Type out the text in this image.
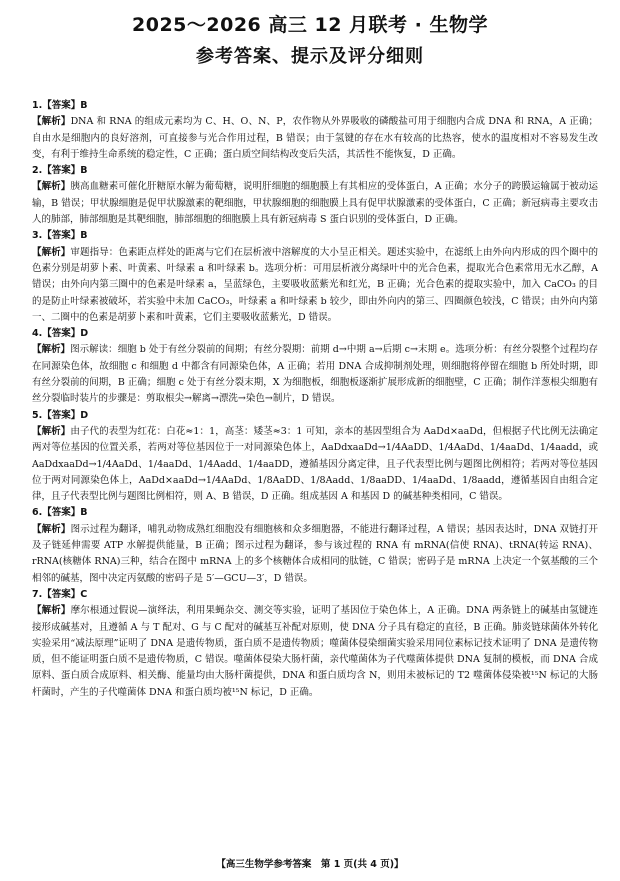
2025～2026 高三 12 月联考 · 生物学
参考答案、提示及评分细则

1.【答案】B

【解析】DNA 和 RNA 的组成元素均为 C、H、O、N、P，农作物从外界吸收的磷酸盐可用于细胞内合成 DNA 和 RNA，A 正确；自由水是细胞内的良好溶剂，可直接参与光合作用过程，B 错误；由于氢键的存在水有较高的比热容，使水的温度相对不容易发生改变，有利于维持生命系统的稳定性，C 正确；蛋白质空间结构改变后失活，其活性不能恢复，D 正确。

2.【答案】B

【解析】胰高血糖素可催化肝糖原水解为葡萄糖，说明肝细胞的细胞膜上有其相应的受体蛋白，A 正确；水分子的跨膜运输属于被动运输，B 错误；甲状腺细胞是促甲状腺激素的靶细胞，甲状腺细胞的细胞膜上具有促甲状腺激素的受体蛋白，C 正确；新冠病毒主要攻击人的肺部，肺部细胞是其靶细胞，肺部细胞的细胞膜上具有新冠病毒 S 蛋白识别的受体蛋白，D 正确。

3.【答案】B

【解析】审题指导：色素距点样处的距离与它们在层析液中溶解度的大小呈正相关。题述实验中，在滤纸上由外向内形成的四个圈中的色素分别是胡萝卜素、叶黄素、叶绿素 a 和叶绿素 b。选项分析：可用层析液分离绿叶中的光合色素，提取光合色素常用无水乙醇，A 错误；由外向内第三圈中的色素是叶绿素 a，呈蓝绿色，主要吸收蓝紫光和红光，B 正确；光合色素的提取实验中，加入 CaCO₃ 的目的是防止叶绿素被破坏，若实验中未加 CaCO₃，叶绿素 a 和叶绿素 b 较少，即由外向内的第三、四圈颜色较浅，C 错误；由外向内第一、二圈中的色素是胡萝卜素和叶黄素，它们主要吸收蓝紫光，D 错误。

4.【答案】D

【解析】图示解读：细胞 b 处于有丝分裂前的间期；有丝分裂期：前期 d→中期 a→后期 c→末期 e。选项分析：有丝分裂整个过程均存在同源染色体，故细胞 c 和细胞 d 中都含有同源染色体，A 正确；若用 DNA 合成抑制剂处理，则细胞将停留在细胞 b 所处时期，即有丝分裂前的间期，B 正确；细胞 c 处于有丝分裂末期，X 为细胞板，细胞板逐渐扩展形成新的细胞壁，C 正确；制作洋葱根尖细胞有丝分裂临时装片的步骤是：剪取根尖→解离→漂洗→染色→制片，D 错误。

5.【答案】D

【解析】由子代的表型为红花：白花≈1：1，高茎：矮茎≈3：1 可知，亲本的基因型组合为 AaDd×aaDd，但根据子代比例无法确定两对等位基因的位置关系，若两对等位基因位于一对同源染色体上，AaDdxaaDd→1/4AaDD、1/4AaDd、1/4aaDd、1/4aadd，或 AaDdxaaDd→1/4AaDd、1/4aaDd、1/4Aadd、1/4aaDD，遵循基因分离定律，且子代表型比例与题图比例相符；若两对等位基因位于两对同源染色体上，AaDd×aaDd→1/4AaDd、1/8AaDD、1/8Aadd、1/8aaDD、1/4aaDd、1/8aadd，遵循基因自由组合定律，且子代表型比例与题图比例相符，则 A、B 错误，D 正确。组成基因 A 和基因 D 的碱基种类相同，C 错误。

6.【答案】B

【解析】图示过程为翻译，哺乳动物成熟红细胞没有细胞核和众多细胞器，不能进行翻译过程，A 错误；基因表达时，DNA 双链打开及子链延伸需要 ATP 水解提供能量，B 正确；图示过程为翻译，参与该过程的 RNA 有 mRNA(信使 RNA)、tRNA(转运 RNA)、rRNA(核糖体 RNA)三种，结合在图中 mRNA 上的多个核糖体合成相同的肽链，C 错误；密码子是 mRNA 上决定一个氨基酸的三个相邻的碱基，图中决定丙氨酸的密码子是 5′—GCU—3′，D 错误。

7.【答案】C

【解析】摩尔根通过假说—演绎法，利用果蝇杂交、测交等实验，证明了基因位于染色体上，A 正确。DNA 两条链上的碱基由氢键连接形成碱基对，且遵循 A 与 T 配对、G 与 C 配对的碱基互补配对原则，使 DNA 分子具有稳定的直径，B 正确。肺炎链球菌体外转化实验采用“减法原理”证明了 DNA 是遗传物质，蛋白质不是遗传物质；噬菌体侵染细菌实验采用同位素标记技术证明了 DNA 是遗传物质，但不能证明蛋白质不是遗传物质，C 错误。噬菌体侵染大肠杆菌，亲代噬菌体为子代噬菌体提供 DNA 复制的模板，而 DNA 合成原料、蛋白质合成原料、相关酶、能量均由大肠杆菌提供，DNA 和蛋白质均含 N，则用未被标记的 T2 噬菌体侵染被¹⁵N 标记的大肠杆菌时，产生的子代噬菌体 DNA 和蛋白质均被¹⁵N 标记，D 正确。

【高三生物学参考答案　第 1 页(共 4 页)】
